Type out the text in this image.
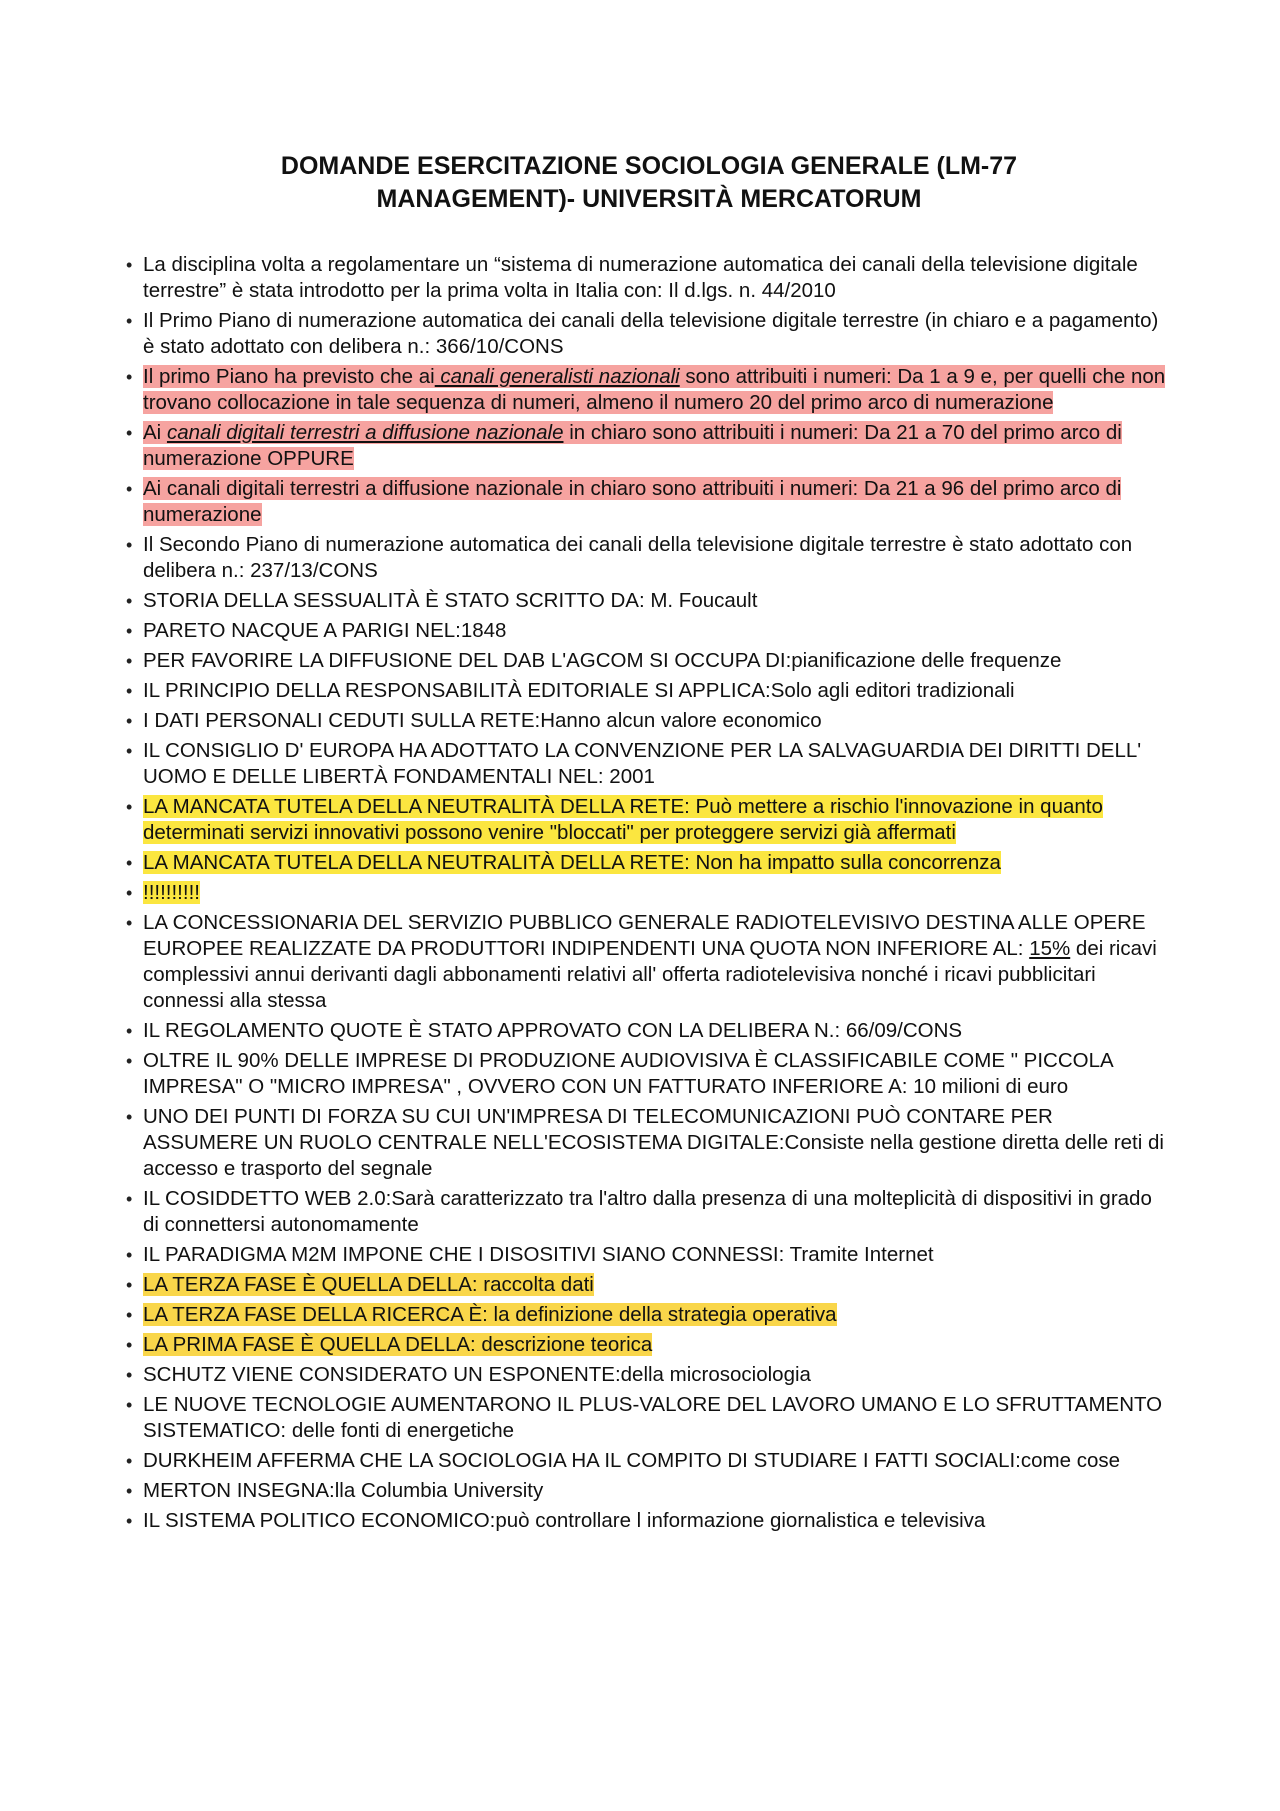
DOMANDE ESERCITAZIONE SOCIOLOGIA GENERALE (LM-77
MANAGEMENT)- UNIVERSITÀ MERCATORUM
• La disciplina volta a regolamentare un “sistema di numerazione automatica dei canali della televisione digitale terrestre” è stata introdotto per la prima volta in Italia con: Il d.lgs. n. 44/2010
• Il Primo Piano di numerazione automatica dei canali della televisione digitale terrestre (in chiaro e a pagamento) è stato adottato con delibera n.: 366/10/CONS
• Il primo Piano ha previsto che ai canali generalisti nazionali sono attribuiti i numeri: Da 1 a 9 e, per quelli che non trovano collocazione in tale sequenza di numeri, almeno il numero 20 del primo arco di numerazione
• Ai canali digitali terrestri a diffusione nazionale in chiaro sono attribuiti i numeri: Da 21 a 70 del primo arco di numerazione OPPURE
• Ai canali digitali terrestri a diffusione nazionale in chiaro sono attribuiti i numeri: Da 21 a 96 del primo arco di numerazione
• Il Secondo Piano di numerazione automatica dei canali della televisione digitale terrestre è stato adottato con delibera n.: 237/13/CONS
• STORIA DELLA SESSUALITÀ È STATO SCRITTO DA: M. Foucault
• PARETO NACQUE A PARIGI NEL:1848
• PER FAVORIRE LA DIFFUSIONE DEL DAB L'AGCOM SI OCCUPA DI:pianificazione delle frequenze
• IL PRINCIPIO DELLA RESPONSABILITÀ EDITORIALE SI APPLICA:Solo agli editori tradizionali
• I DATI PERSONALI CEDUTI SULLA RETE:Hanno alcun valore economico
• IL CONSIGLIO D' EUROPA HA ADOTTATO LA CONVENZIONE PER LA SALVAGUARDIA DEI DIRITTI DELL' UOMO E DELLE LIBERTÀ FONDAMENTALI NEL: 2001
• LA MANCATA TUTELA DELLA NEUTRALITÀ DELLA RETE: Può mettere a rischio l'innovazione in quanto determinati servizi innovativi possono venire "bloccati" per proteggere servizi già affermati
• LA MANCATA TUTELA DELLA NEUTRALITÀ DELLA RETE: Non ha impatto sulla concorrenza
• !!!!!!!!!!
• LA CONCESSIONARIA DEL SERVIZIO PUBBLICO GENERALE RADIOTELEVISIVO DESTINA ALLE OPERE EUROPEE REALIZZATE DA PRODUTTORI INDIPENDENTI UNA QUOTA NON INFERIORE AL: 15% dei ricavi complessivi annui derivanti dagli abbonamenti relativi all' offerta radiotelevisiva nonché i ricavi pubblicitari connessi alla stessa
• IL REGOLAMENTO QUOTE È STATO APPROVATO CON LA DELIBERA N.: 66/09/CONS
• OLTRE IL 90% DELLE IMPRESE DI PRODUZIONE AUDIOVISIVA È CLASSIFICABILE COME " PICCOLA IMPRESA" O "MICRO IMPRESA" , OVVERO CON UN FATTURATO INFERIORE A: 10 milioni di euro
• UNO DEI PUNTI DI FORZA SU CUI UN'IMPRESA DI TELECOMUNICAZIONI PUÒ CONTARE PER ASSUMERE UN RUOLO CENTRALE NELL'ECOSISTEMA DIGITALE:Consiste nella gestione diretta delle reti di accesso e trasporto del segnale
• IL COSIDDETTO WEB 2.0:Sarà caratterizzato tra l'altro dalla presenza di una molteplicità di dispositivi in grado di connettersi autonomamente
• IL PARADIGMA M2M IMPONE CHE I DISOSITIVI SIANO CONNESSI: Tramite Internet
• LA TERZA FASE È QUELLA DELLA: raccolta dati
• LA TERZA FASE DELLA RICERCA È: la definizione della strategia operativa
• LA PRIMA FASE È QUELLA DELLA: descrizione teorica
• SCHUTZ VIENE CONSIDERATO UN ESPONENTE:della microsociologia
• LE NUOVE TECNOLOGIE AUMENTARONO IL PLUS-VALORE DEL LAVORO UMANO E LO SFRUTTAMENTO SISTEMATICO: delle fonti di energetiche
• DURKHEIM AFFERMA CHE LA SOCIOLOGIA HA IL COMPITO DI STUDIARE I FATTI SOCIALI:come cose
• MERTON INSEGNA:lla Columbia University
• IL SISTEMA POLITICO ECONOMICO:può controllare l informazione giornalistica e televisiva
